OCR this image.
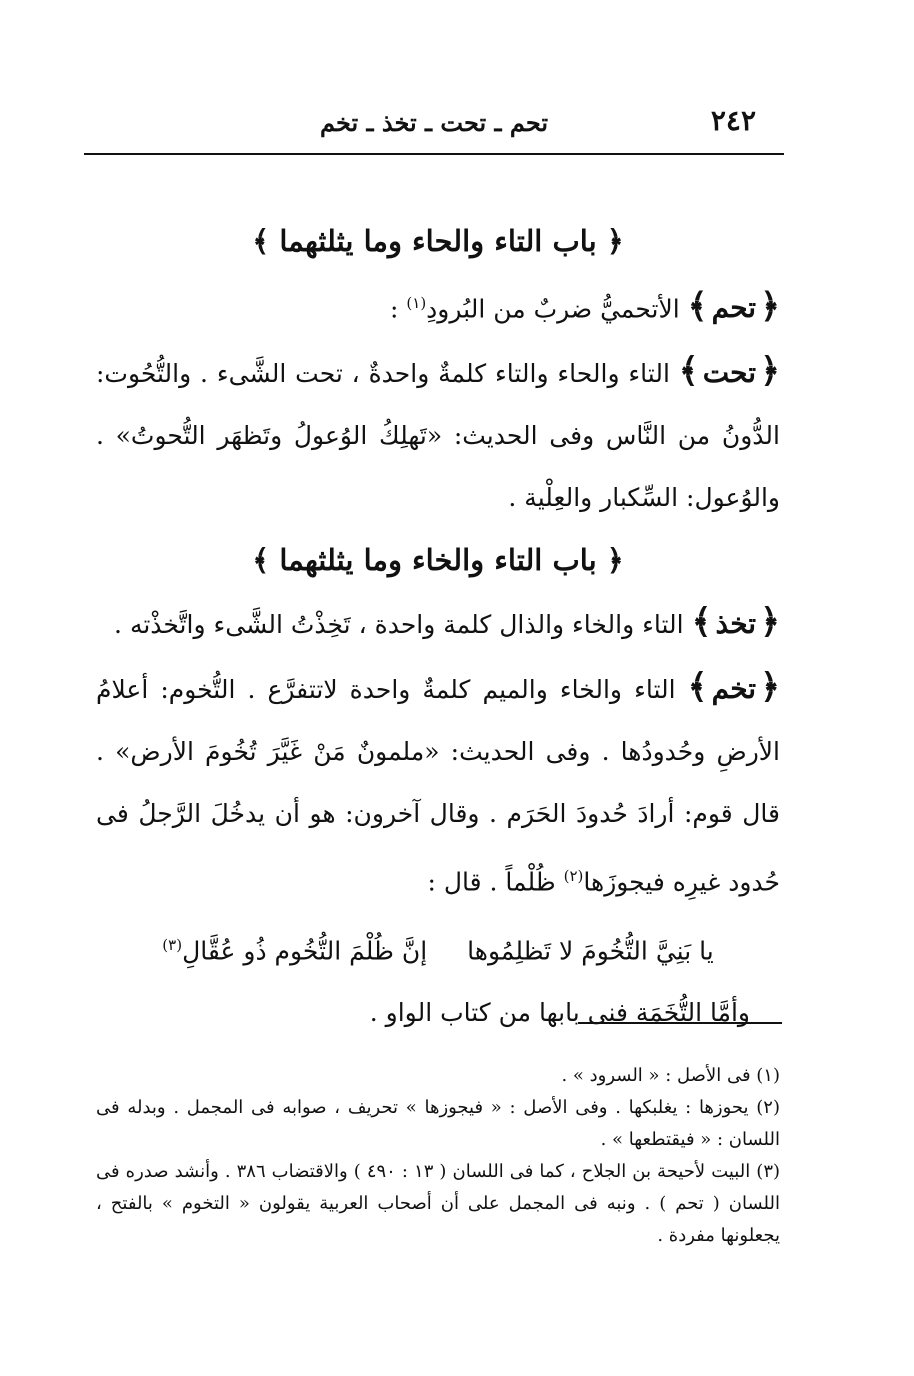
٢٤٢
تحم ـ تحت ـ تخذ ـ تخم

﴿ باب التاء والحاء وما يثلثهما ﴾

﴿تحم﴾ الأتحميُّ ضربٌ من البُرودِ$^{(١)}$ :

﴿تحت﴾ التاء والحاء والتاء كلمةٌ واحدةٌ ، تحت الشَّىء . والتُّحُوت: الدُّونُ من النَّاس وفى الحديث: «تَهلِكُ الوُعولُ وتَظهَر التُّحوتُ» . والوُعول: السِّكبار والعِلْية .

﴿ باب التاء والخاء وما يثلثهما ﴾

﴿تخذ﴾ التاء والخاء والذال كلمة واحدة ، تَخِذْتُ الشَّىء واتَّخذْته .

﴿تخم﴾ التاء والخاء والميم كلمةٌ واحدة لاتتفرَّع . التُّخوم: أعلامُ الأرضِ وحُدودُها . وفى الحديث: «ملمونٌ مَنْ غَيَّرَ تُخُومَ الأرض» . قال قوم: أرادَ حُدودَ الحَرَم . وقال آخرون: هو أن يدخُلَ الرَّجلُ فى حُدود غيرِه فيجوزَها$^{(٢)}$ ظُلْماً . قال :

يا بَنِيَّ التُّخُومَ لا تَظلِمُوهاإنَّ ظُلْمَ التُّخُوم ذُو عُقَّالِ$^{(٣)}$

وأمَّا التُّخَمَة فنى بابها من كتاب الواو .

(١) فى الأصل : « السرود » .

(٢) يحوزها : يغلبكها . وفى الأصل : « فيجوزها » تحريف ، صوابه فى المجمل . وبدله فى اللسان : « فيقتطعها » .

(٣) البيت لأحيحة بن الجلاح ، كما فى اللسان ( ١٣ : ٤٩٠ ) والاقتضاب ٣٨٦ . وأنشد صدره فى اللسان ( تحم ) . ونبه فى المجمل على أن أصحاب العربية يقولون « التخوم » بالفتح ، يجعلونها مفردة .
